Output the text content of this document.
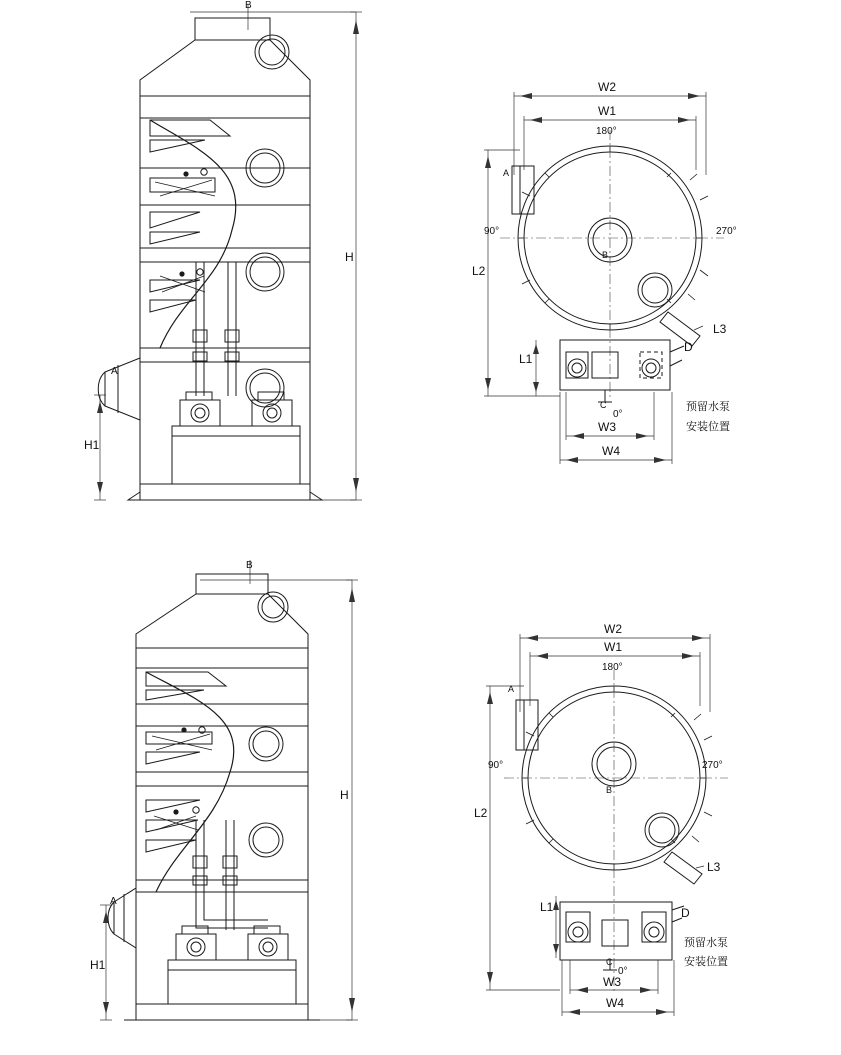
B
H
A
H1
W2
W1
180°
A
90°	270°
B
L2
L3
D
L1
C
0°
W3
W4
预留水泵
安装位置
B
H
A
H1
W2
W1
180°
A
90°	270°
B
L2
L3
L1	D
C
0°
W3
W4
预留水泵
安装位置
